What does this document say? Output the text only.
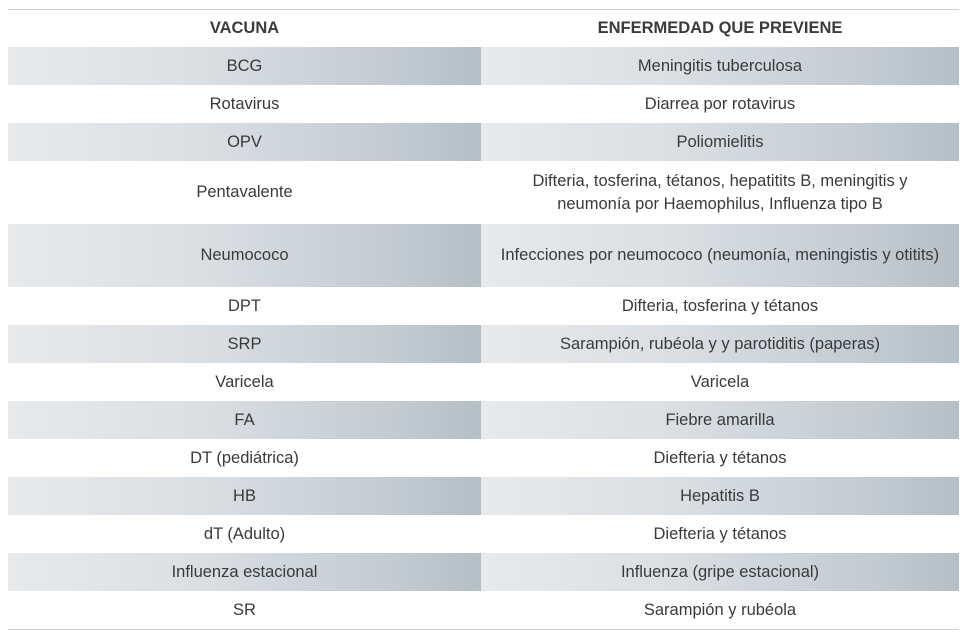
VACUNA	ENFERMEDAD QUE PREVIENE
BCG	Meningitis tuberculosa
Rotavirus	Diarrea por rotavirus
OPV	Poliomielitis
Pentavalente	Difteria, tosferina, tétanos, hepatitits B, meningitis y neumonía por Haemophilus, Influenza tipo B
Neumococo	Infecciones por neumococo (neumonía, meningistis y otitits)
DPT	Difteria, tosferina y tétanos
SRP	Sarampión, rubéola y y parotiditis (paperas)
Varicela	Varicela
FA	Fiebre amarilla
DT (pediátrica)	Diefteria y tétanos
HB	Hepatitis B
dT (Adulto)	Diefteria y tétanos
Influenza estacional	Influenza (gripe estacional)
SR	Sarampión y rubéola
